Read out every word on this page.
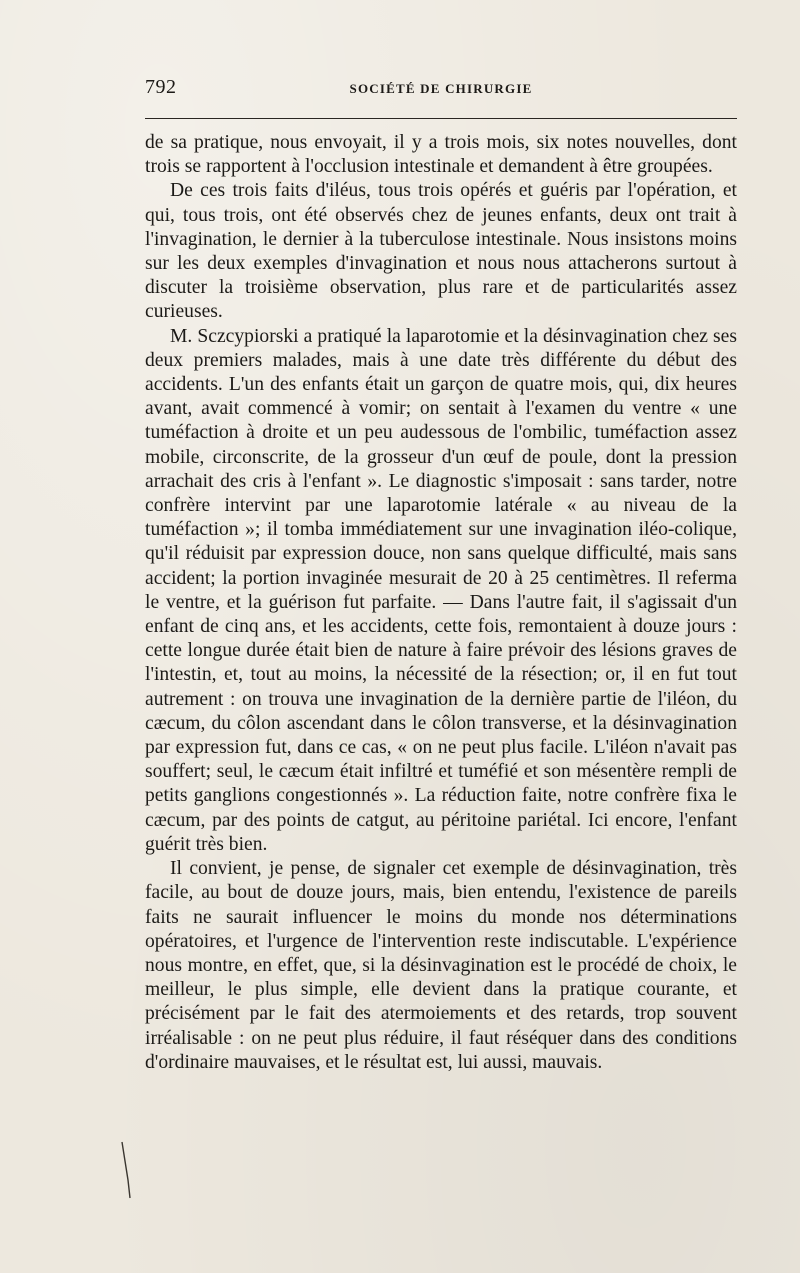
792	SOCIÉTÉ DE CHIRURGIE

de sa pratique, nous envoyait, il y a trois mois, six notes nouvelles, dont trois se rapportent à l'occlusion intestinale et demandent à être groupées.

De ces trois faits d'iléus, tous trois opérés et guéris par l'opération, et qui, tous trois, ont été observés chez de jeunes enfants, deux ont trait à l'invagination, le dernier à la tuberculose intestinale. Nous insistons moins sur les deux exemples d'invagination et nous nous attacherons surtout à discuter la troisième observation, plus rare et de particularités assez curieuses.

M. Sczcypiorski a pratiqué la laparotomie et la désinvagination chez ses deux premiers malades, mais à une date très différente du début des accidents. L'un des enfants était un garçon de quatre mois, qui, dix heures avant, avait commencé à vomir; on sentait à l'examen du ventre « une tuméfaction à droite et un peu audessous de l'ombilic, tuméfaction assez mobile, circonscrite, de la grosseur d'un œuf de poule, dont la pression arrachait des cris à l'enfant ». Le diagnostic s'imposait : sans tarder, notre confrère intervint par une laparotomie latérale « au niveau de la tuméfaction »; il tomba immédiatement sur une invagination iléo-colique, qu'il réduisit par expression douce, non sans quelque difficulté, mais sans accident; la portion invaginée mesurait de 20 à 25 centimètres. Il referma le ventre, et la guérison fut parfaite. — Dans l'autre fait, il s'agissait d'un enfant de cinq ans, et les accidents, cette fois, remontaient à douze jours : cette longue durée était bien de nature à faire prévoir des lésions graves de l'intestin, et, tout au moins, la nécessité de la résection; or, il en fut tout autrement : on trouva une invagination de la dernière partie de l'iléon, du cæcum, du côlon ascendant dans le côlon transverse, et la désinvagination par expression fut, dans ce cas, « on ne peut plus facile. L'iléon n'avait pas souffert; seul, le cæcum était infiltré et tuméfié et son mésentère rempli de petits ganglions congestionnés ». La réduction faite, notre confrère fixa le cæcum, par des points de catgut, au péritoine pariétal. Ici encore, l'enfant guérit très bien.

Il convient, je pense, de signaler cet exemple de désinvagination, très facile, au bout de douze jours, mais, bien entendu, l'existence de pareils faits ne saurait influencer le moins du monde nos déterminations opératoires, et l'urgence de l'intervention reste indiscutable. L'expérience nous montre, en effet, que, si la désinvagination est le procédé de choix, le meilleur, le plus simple, elle devient dans la pratique courante, et précisément par le fait des atermoiements et des retards, trop souvent irréalisable : on ne peut plus réduire, il faut réséquer dans des conditions d'ordinaire mauvaises, et le résultat est, lui aussi, mauvais.
